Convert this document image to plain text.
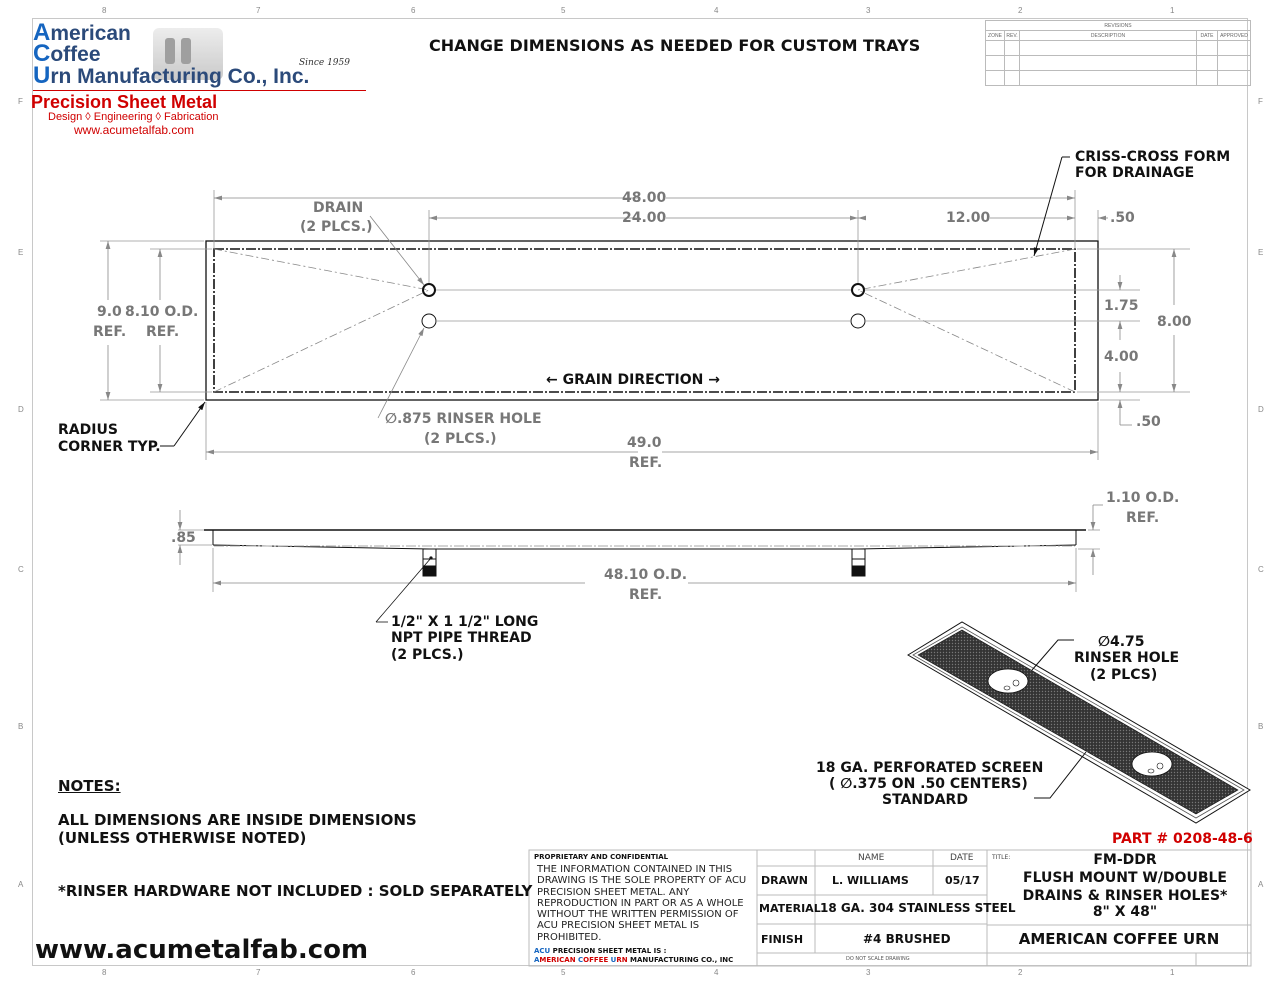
8	7	6	5	4	3	2	1
8	7	6	5	4	3	2	1
F
E
D
C
B
A
F
E
D
C
B
A
American
Coffee	Since 1959
Urn Manufacturing Co., Inc.
Precision Sheet Metal
Design ◊ Engineering ◊ Fabrication
www.acumetalfab.com
CHANGE DIMENSIONS AS NEEDED FOR CUSTOM TRAYS
REVISIONS				
ZONE	REV.	DESCRIPTION	DATE	APPROVED

DRAIN
(2 PLCS.)
48.00
24.00	12.00	.50
CRISS-CROSS FORM
FOR DRAINAGE
9.0
REF.
8.10 O.D.
REF.
1.75
8.00
4.00
.50
← GRAIN DIRECTION →
∅.875 RINSER HOLE
(2 PLCS.)
RADIUS
CORNER TYP.	49.0
REF.
.85
1.10 O.D.
REF.
48.10 O.D.
REF.
1/2" X 1 1/2" LONG
NPT PIPE THREAD
(2 PLCS.)
∅4.75
RINSER HOLE
(2 PLCS)
18 GA. PERFORATED SCREEN
( ∅.375 ON .50 CENTERS)
STANDARD
NOTES:
ALL DIMENSIONS ARE INSIDE DIMENSIONS
(UNLESS OTHERWISE NOTED)
*RINSER HARDWARE NOT INCLUDED : SOLD SEPARATELY
www.acumetalfab.com
PART # 0208-48-6
PROPRIETARY AND CONFIDENTIAL
THE INFORMATION CONTAINED IN THIS DRAWING IS THE SOLE PROPERTY OF ACU PRECISION SHEET METAL. ANY REPRODUCTION IN PART OR AS A WHOLE WITHOUT THE WRITTEN PERMISSION OF ACU PRECISION SHEET METAL IS PROHIBITED.
ACU PRECISION SHEET METAL IS :
AMERICAN COFFEE URN MANUFACTURING CO., INC
NAME	DATE
DRAWN L. WILLIAMS	05/17
MATERIAL 18 GA. 304 STAINLESS STEEL
FINISH	#4 BRUSHED
DO NOT SCALE DRAWING
TITLE:	FM-DDR
FLUSH MOUNT W/DOUBLE
DRAINS & RINSER HOLES*
8" X 48"
AMERICAN COFFEE URN
